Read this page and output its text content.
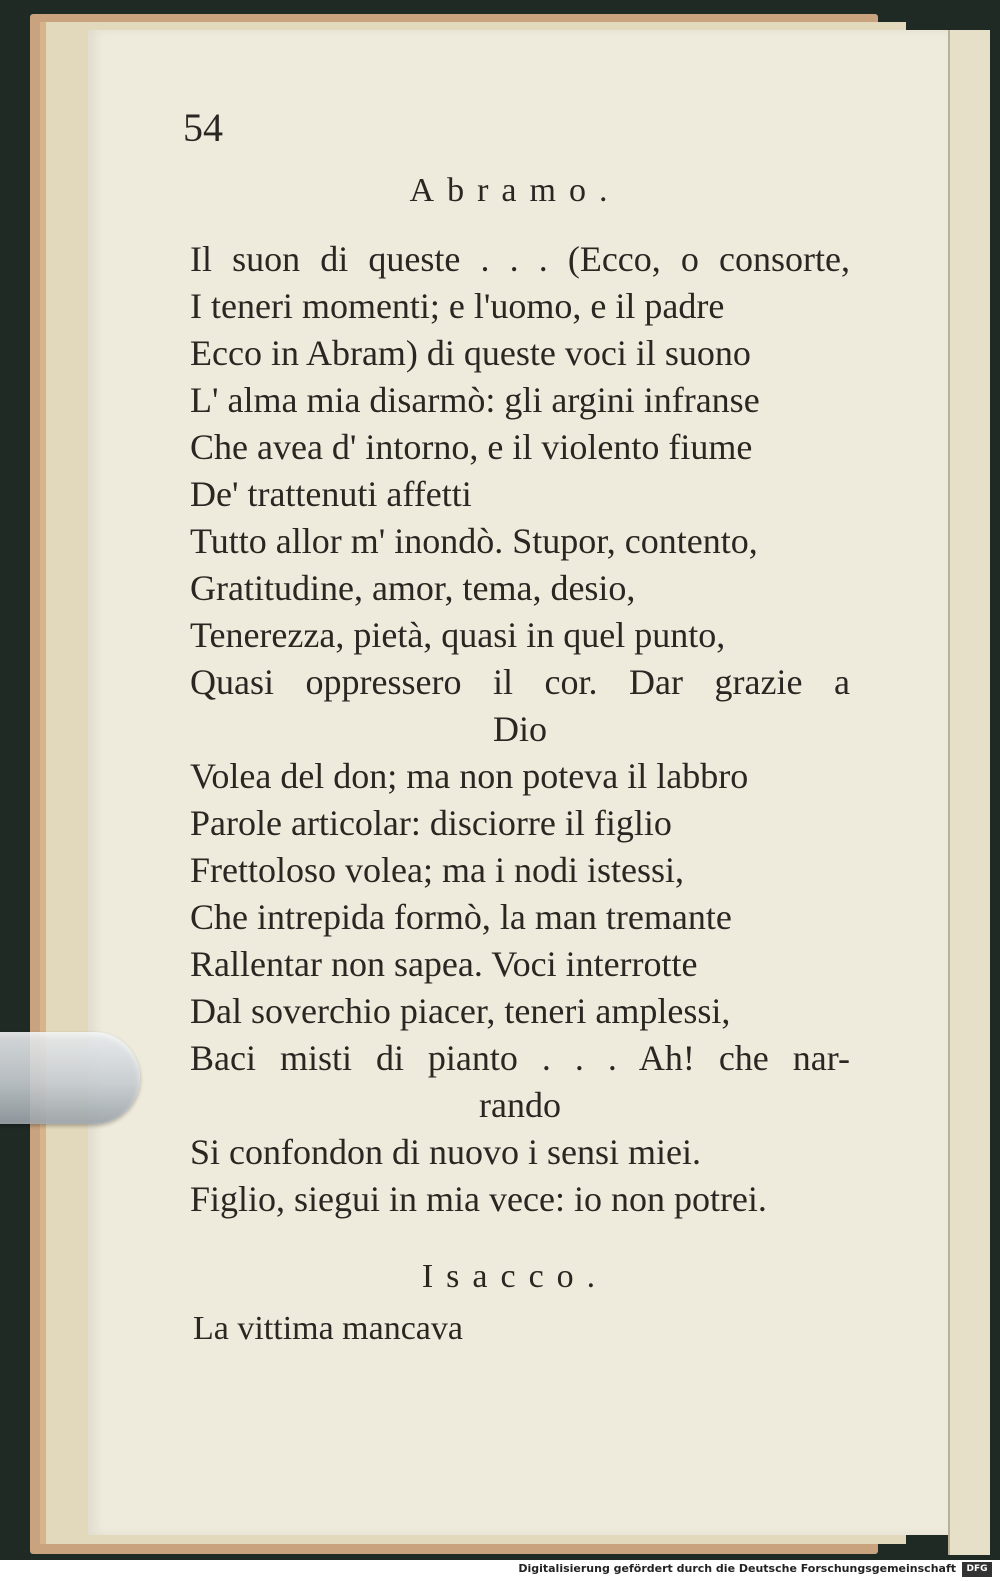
54
Abramo.
Il suon di queste . . . (Ecco, o consorte,
I teneri momenti; e l'uomo, e il padre
Ecco in Abram) di queste voci il suono
L' alma mia disarmò: gli argini infranse
Che avea d' intorno, e il violento fiume
De' trattenuti affetti
Tutto allor m' inondò. Stupor, contento,
Gratitudine, amor, tema, desio,
Tenerezza, pietà, quasi in quel punto,
Quasi oppressero il cor. Dar grazie a
Dio
Volea del don; ma non poteva il labbro
Parole articolar: disciorre il figlio
Frettoloso volea; ma i nodi istessi,
Che intrepida formò, la man tremante
Rallentar non sapea. Voci interrotte
Dal soverchio piacer, teneri amplessi,
Baci misti di pianto . . . Ah! che nar-
rando
Si confondon di nuovo i sensi miei.
Figlio, siegui in mia vece: io non potrei.
Isacco.
La vittima mancava
Digitalisierung gefördert durch die Deutsche Forschungsgemeinschaft	DFG
